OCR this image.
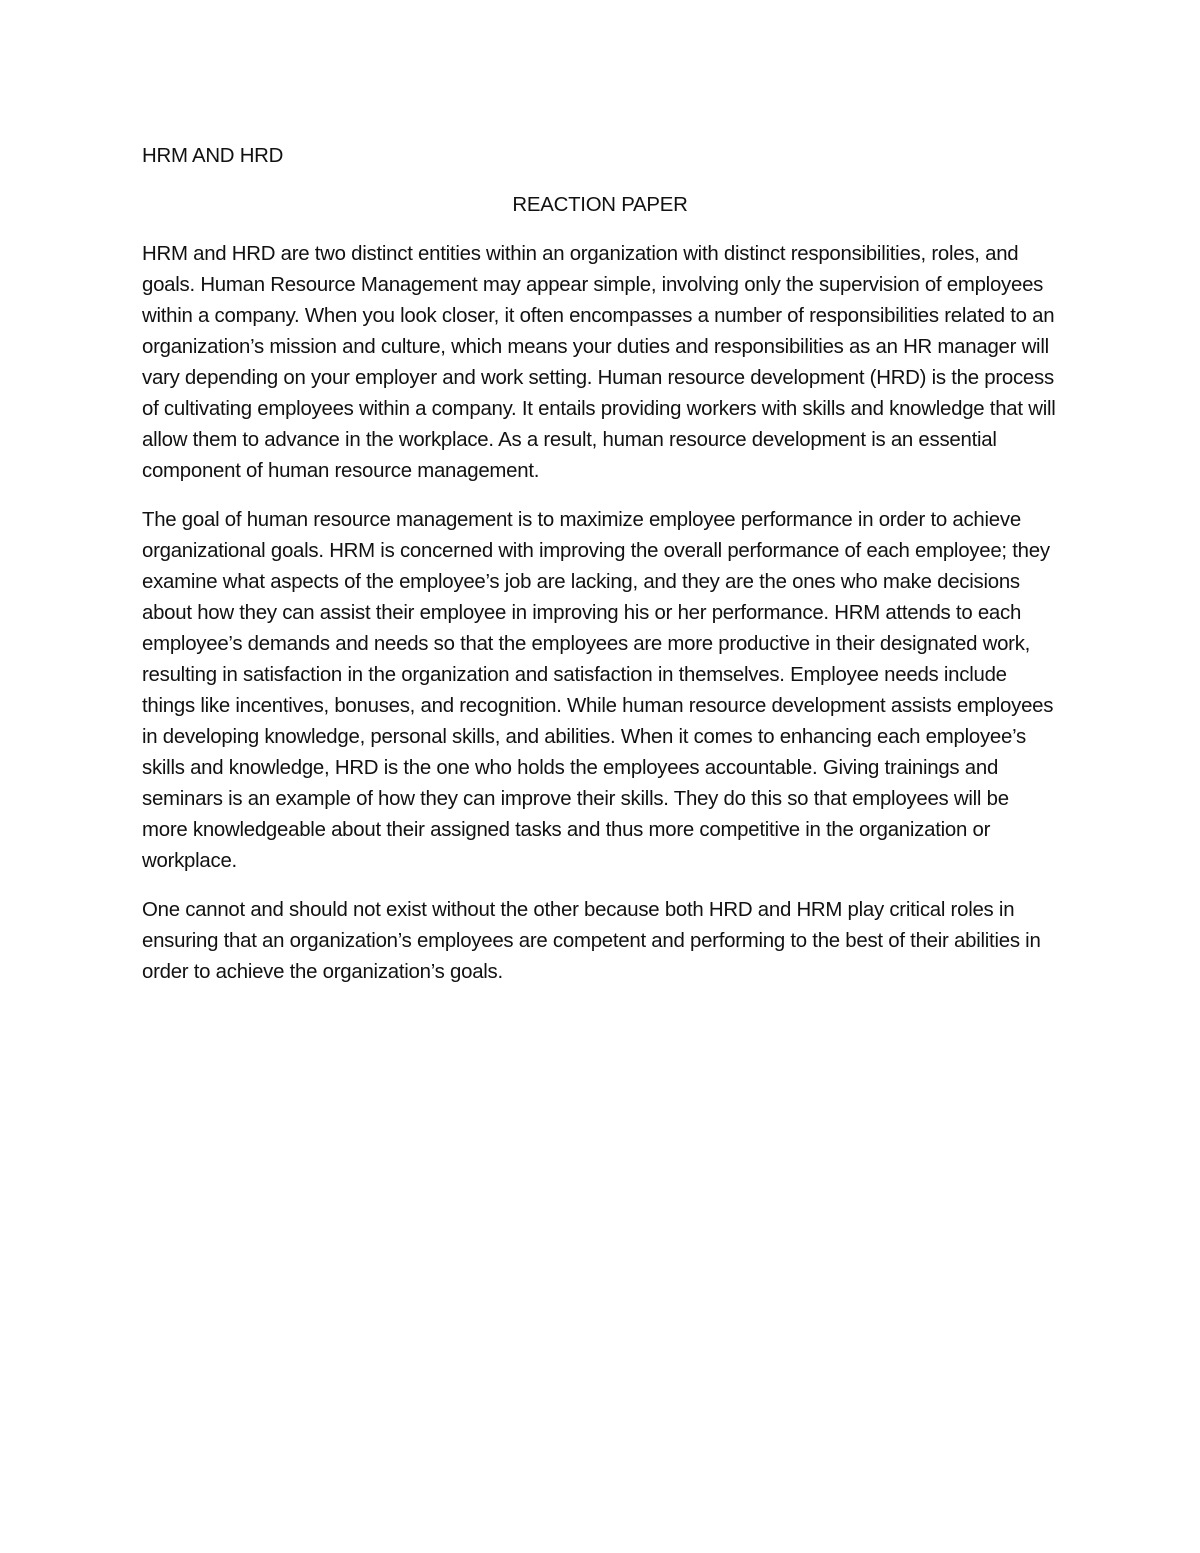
HRM AND HRD
REACTION PAPER

HRM and HRD are two distinct entities within an organization with distinct responsibilities, roles, and goals. Human Resource Management may appear simple, involving only the supervision of employees within a company. When you look closer, it often encompasses a number of responsibilities related to an organization’s mission and culture, which means your duties and responsibilities as an HR manager will vary depending on your employer and work setting. Human resource development (HRD) is the process of cultivating employees within a company. It entails providing workers with skills and knowledge that will allow them to advance in the workplace. As a result, human resource development is an essential component of human resource management.

The goal of human resource management is to maximize employee performance in order to achieve organizational goals. HRM is concerned with improving the overall performance of each employee; they examine what aspects of the employee’s job are lacking, and they are the ones who make decisions about how they can assist their employee in improving his or her performance. HRM attends to each employee’s demands and needs so that the employees are more productive in their designated work, resulting in satisfaction in the organization and satisfaction in themselves. Employee needs include things like incentives, bonuses, and recognition. While human resource development assists employees in developing knowledge, personal skills, and abilities. When it comes to enhancing each employee’s skills and knowledge, HRD is the one who holds the employees accountable. Giving trainings and seminars is an example of how they can improve their skills. They do this so that employees will be more knowledgeable about their assigned tasks and thus more competitive in the organization or workplace.

One cannot and should not exist without the other because both HRD and HRM play critical roles in ensuring that an organization’s employees are competent and performing to the best of their abilities in order to achieve the organization’s goals.
